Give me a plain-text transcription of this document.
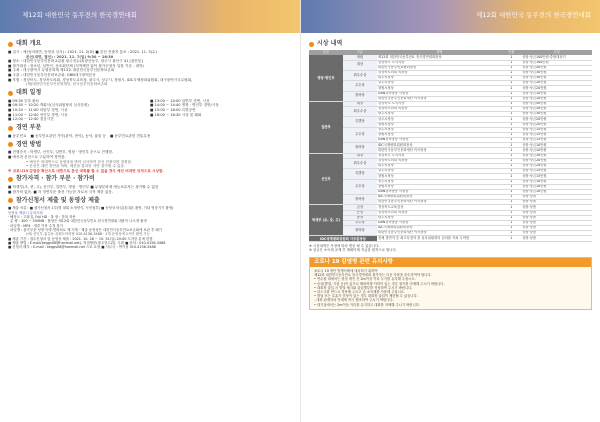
제12회 대한민국 동무전의 한국경연대회
대회 개요
■ 일시 : 예선(비대면, 동영상 심사) : 2021. 11. 2(화) ■ 본선 진출자 통보 : 2021. 11. 3(수)
본선(대면, 결선) : 2021. 11. 7(일) 9:30 ~ 16:30
■ 장소 : 대한민국동부인문화교류원 광주전수관(광산동부, 광주시 광산구 41 [광산동]
■ 참가대상 : 청소년, 일반인, 동호회단체 (지역제한 없이 참가신청자 입장 기준 - 대학)
■ 주최 : 대구광역시 무형문화재 제13호 대한민국동부인문화보존회
■ 주관 : 대한민국동부인문화보존회, GBN대구광역본송
■ 후원 : 경상북도, 경상북도의회, 경상북도교육청, 광주시, 상주시, 창원시, IDC국제평화위원회, 대구광역시국무원회,
(재)대한민국동부인문화재단, 한국동부인문화보존회
대회 일정
■ 09:30 등록 완료
■ 09:30 ~ 10:20 개회식(심사위원장의 심사강평)
■ 10:20 ~ 11:00 의암부 경연, 시상
■ 11:00 ~ 12:00 선인부 경연, 시상
■ 12:00 ~ 12:40 점심시간
■ 13:00 ~ 14:00 일반부 경연, 시상
■ 14:00 ~ 14:40 명창 · 명인부 경연/시상
■ 15:00 ~ 16:00 특별공연
■ 16:00 ~ 16:30 시상 및 폐회
경연 부문
■ 동부민요 ■ 동부민요관련 기악(관악, 현악), 농악, 율물 등 ■ 동부민요관련 전통무용
경연 방법
■ 진행순서 : 학생부, 신인부, 일반부, 명창 · 명인부 순으로 진행함.
■ 예선과 본선으로 구분하여 경연함.
• 예선은 비대면으로 동영상을 받아 심사하여 본선 진출자를 결정함.
• 본선은 대면 경연을 하며, 예선을 통과한 자만 참가할 수 있음.
※ 코로나19 감염증 확산으로 대면으로 본선 대회를 할 수 없을 경우 예선 비대면 성적으로 시상함.
참가자격 · 참가 부문 · 참가비
■ 학생부(초, 중, 고), 신인부, 일반부, 명창 · 명인부 ■ 무형문화재 예능보유자는 참가할 수 없음
■ 참가비 없음. ■ 각 경연부문 출전 가능한 자로서 국적 제한 없음.
참가신청서 제출 및 동영상 제출
■ 제출 서류 : ■ 참가신청서 1부(별 대회 소정양식, 사진첨부) ■ 동영상 파일(휴대폰 촬영, 기타 영상기기 촬영)
동영상 제출시 유의사항
· 해상도 : 고화질, Full HD · 복 장 : 한복 착용
· 분 량 : 300 ~ 500MB · 촬영은 제12회 대한민국동부민요 한국경연대회 내용이 나오게 촬영
· 파일명 : MP4 · 재즐 이용 수정 불가
· 파일명 : 참가부문·성명·곡명-연락처로 제 기재 · 제출 동영상은 대한민국동부민요보존회에 보관 후 폐기
(예) 신인부-홍길동-강원도아리랑 010-4156-3488 · 1개 동영상에 1곡만 촬영 가능
■ 제출 기간 : 접수신청서 및 동영상 제출 : 2021. 10. 28 ~ 10. 31(일) 20:00 도착한 분에 한함
■ 제출 방법 : E-mail(keggs08@hanmail.net), 직접방문(광주전수관), 우편 ■ 문의 : 010-4156-3488
■ 신청서 배부 : E-mail : keggs08@hanmail.net 으로 요청 ■ 사무국 : 박기성 010-4156-3488
제12회 대한민국 동무전의 한국경연대회
시상 내역
부문	구분	상명	인원	시상
명창·명인부	장원	제12회 대한민국동부민요 전국경연대회장상	1	상장·상금100만원·중합대상기
	대상	경상북도 도지사상	1	상장·상금100만원
		대한민국동부민요협회장상	1	상장·상금50만원
	최우수상	경상북도의회 의장상	1	상장·상금30만원
		광주시장상	1	상장·상금30만원
	우수상	상주시장상	1	상장·상금20만원
		창원시장상	1	상장·상금20만원
	장려상	GBN경북방송 사장상	1	상장·상금10만원
		대한민국동부인문화재단 이사장상	1	상장·상금10만원
일반부	대상	경상북도 도지사상	1	상장·상금50만원
	최우수상	경상북도의회 의장상	1	상장·상금30만원
		광주시장상	1	상장·상금30만원
	특별상	상주시장상	1	상장·상금20만원
		창원시장상	1	상장·상금20만원
	우수상	상주시장상	1	상장·상금15만원
		창원시장상	1	상장·상금15만원
		GBN경북방송 사장상	1	상장·상금15만원
	장려상	IDC국제평화위원회장상	1	상장·상금10만원
		대한민국동부인문화재단 이사장상	1	상장·상금10만원
신인부	대상	경상북도 도지사상	1	상장·상금30만원
	최우수상	경상북도의회 의장상	1	상장·상금20만원
		광주시장상	1	상장·상금20만원
	특별상	상주시장상	1	상장·상금15만원
		창원시장상	1	상장·상금15만원
	우수상	상주시장상	1	상장·상금10만원
		창원시장상	1	상장·상금10만원
		GBN경북방송 사장상	1	상장·상금10만원
	장려상	IDC국제평화위원회장상	1	상장·상품
		대한민국동부인문화재단 이사장상	1	상장·상품
학생부 (초, 중, 고)	금상	경상북도교육감상	1	상장·상품
	은상	경상북도의회 의장상	1	상장·상품
	동상	광주시장상	1	상장·상품
	우수상	GBN경북방송 사장상	1	상장·상품
	장려상	IDC국제평화위원회장상	1	상장·상품
		대한민국동부인문화재단 이사장상	1	상장·상품
IDC국제평화위원회 사무총장상		전체 경연자 중 최고득점자 를 심사위원회의 심의를 거쳐 수여함	1	상장·상품
※ 시상내역은 사정에 따라 변동 될 수 있습니다.
※ 상금은 소득세 공제 후 계좌이체 지급을 원칙으로 합니다.
코로나 19 감염병 관련 유의사항
코로나 19 장단 발생사태에 대처하기 위하여
제12회 대한민국동부민요 한국경연대회 참가자는 다음 사항을 준수하여야 합니다.
• 연수원 내에서는 항상 개인 간 2m이상 거리 두기를 유지해 주십시오.
• 증상(발열, 기침 등)이 있거나 해외여행 이력이 있는 경우 참가를 자제해 주시기 바랍니다.
• 대회장 출입 시 발열 체크와 출입명부를 작성하여 주시기 바랍니다.
• 마스크를 반드시 착용해 주시고 손 소독제를 사용해 주십시오.
• 발열 또는 호흡기 증상이 있는 경우 대회장 출입이 제한될 수 있습니다.
- 대회 관계자의 안내에 적극 협조하여 주시기 바랍니다.
• 대기실에서는 2m이상 거리를 유지하고 대화를 자제해 주시기 바랍니다.
